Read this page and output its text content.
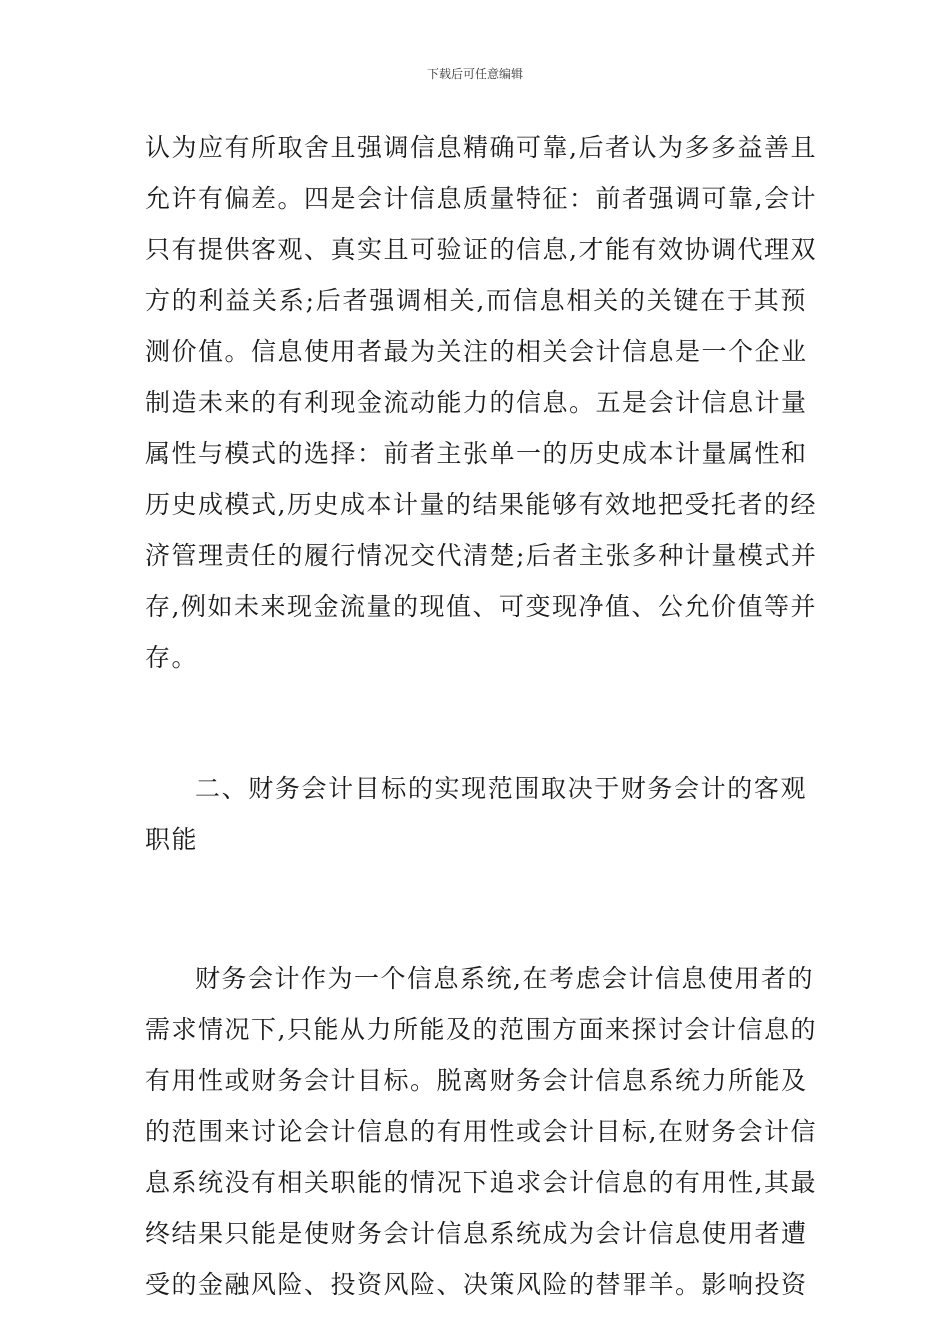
下载后可任意编辑
认为应有所取舍且强调信息精确可靠,后者认为多多益善且
允许有偏差。四是会计信息质量特征：前者强调可靠,会计
只有提供客观、真实且可验证的信息,才能有效协调代理双
方的利益关系;后者强调相关,而信息相关的关键在于其预
测价值。信息使用者最为关注的相关会计信息是一个企业
制造未来的有利现金流动能力的信息。五是会计信息计量
属性与模式的选择：前者主张单一的历史成本计量属性和
历史成模式,历史成本计量的结果能够有效地把受托者的经
济管理责任的履行情况交代清楚;后者主张多种计量模式并
存,例如未来现金流量的现值、可变现净值、公允价值等并
存。
二、财务会计目标的实现范围取决于财务会计的客观
职能
财务会计作为一个信息系统,在考虑会计信息使用者的
需求情况下,只能从力所能及的范围方面来探讨会计信息的
有用性或财务会计目标。脱离财务会计信息系统力所能及
的范围来讨论会计信息的有用性或会计目标,在财务会计信
息系统没有相关职能的情况下追求会计信息的有用性,其最
终结果只能是使财务会计信息系统成为会计信息使用者遭
受的金融风险、投资风险、决策风险的替罪羊。影响投资
